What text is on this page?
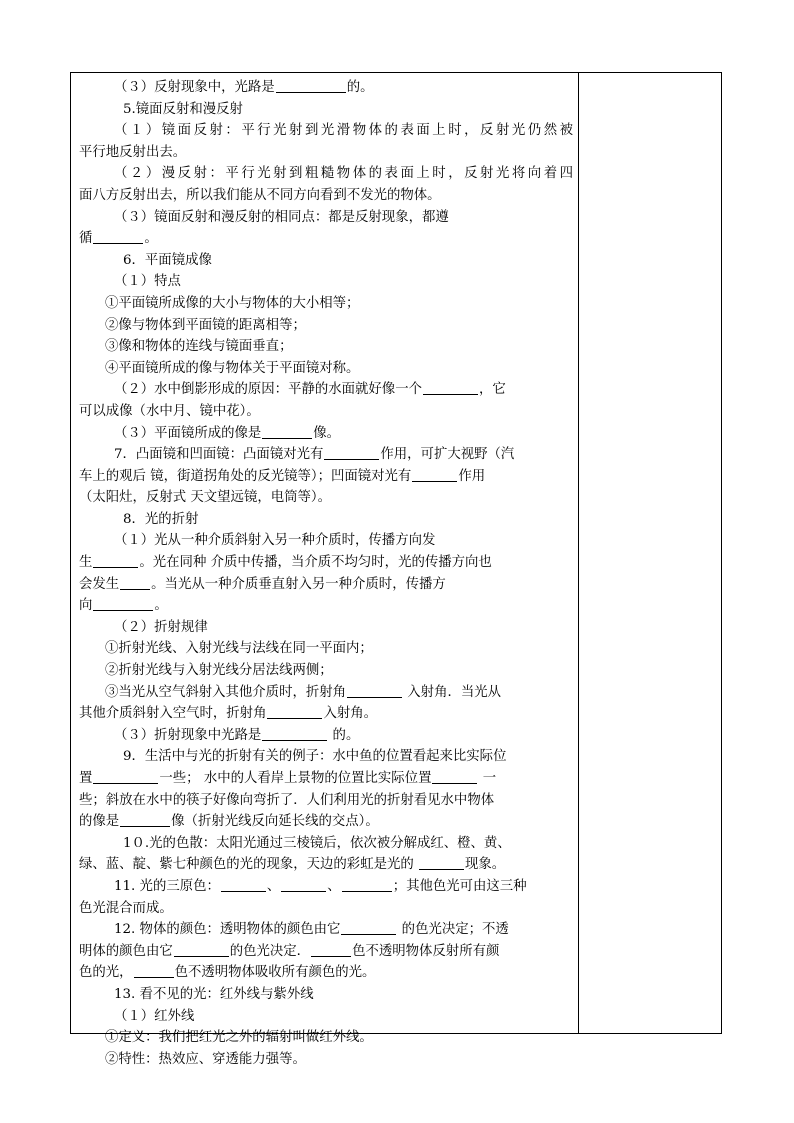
（３）反射现象中，光路是	的。
5.镜面反射和漫反射
（１）镜面反射：平行光射到光滑物体的表面上时，反射光仍然被
平行地反射出去。
（２）漫反射：平行光射到粗糙物体的表面上时，反射光将向着四
面八方反射出去，所以我们能从不同方向看到不发光的物体。
（３）镜面反射和漫反射的相同点：都是反射现象，都遵
循	。
6．平面镜成像
（１）特点
①平面镜所成像的大小与物体的大小相等；
②像与物体到平面镜的距离相等；
③像和物体的连线与镜面垂直；
④平面镜所成的像与物体关于平面镜对称。
（２）水中倒影形成的原因：平静的水面就好像一个	，它
可以成像（水中月、镜中花）。
（３）平面镜所成的像是	像。
7．凸面镜和凹面镜：凸面镜对光有	作用，可扩大视野（汽
车上的观后 镜，街道拐角处的反光镜等）；凹面镜对光有	作用
（太阳灶，反射式 天文望远镜，电筒等）。
8．光的折射
（１）光从一种介质斜射入另一种介质时，传播方向发
生	。光在同种 介质中传播，当介质不均匀时，光的传播方向也
会发生 。当光从一种介质垂直射入另一种介质时，传播方
向	。
（２）折射规律
①折射光线、入射光线与法线在同一平面内；
②折射光线与入射光线分居法线两侧；
③当光从空气斜射入其他介质时，折射角	入射角．当光从
其他介质斜射入空气时，折射角	入射角。
（３）折射现象中光路是	的。
9．生活中与光的折射有关的例子：水中鱼的位置看起来比实际位
置	一些； 水中的人看岸上景物的位置比实际位置	一
些；斜放在水中的筷子好像向弯折了．人们利用光的折射看见水中物体
的像是	像（折射光线反向延长线的交点）。
1０.光的色散：太阳光通过三棱镜后，依次被分解成红、橙、黄、
绿、蓝、靛、紫七种颜色的光的现象，天边的彩虹是光的	现象。
11. 光的三原色：	、	、	；其他色光可由这三种
色光混合而成。
12. 物体的颜色：透明物体的颜色由它	的色光决定；不透
明体的颜色由它	的色光决定．	色不透明物体反射所有颜
色的光，	色不透明物体吸收所有颜色的光。
13. 看不见的光：红外线与紫外线
（１）红外线
①定义：我们把红光之外的辐射叫做红外线。
②特性：热效应、穿透能力强等。
